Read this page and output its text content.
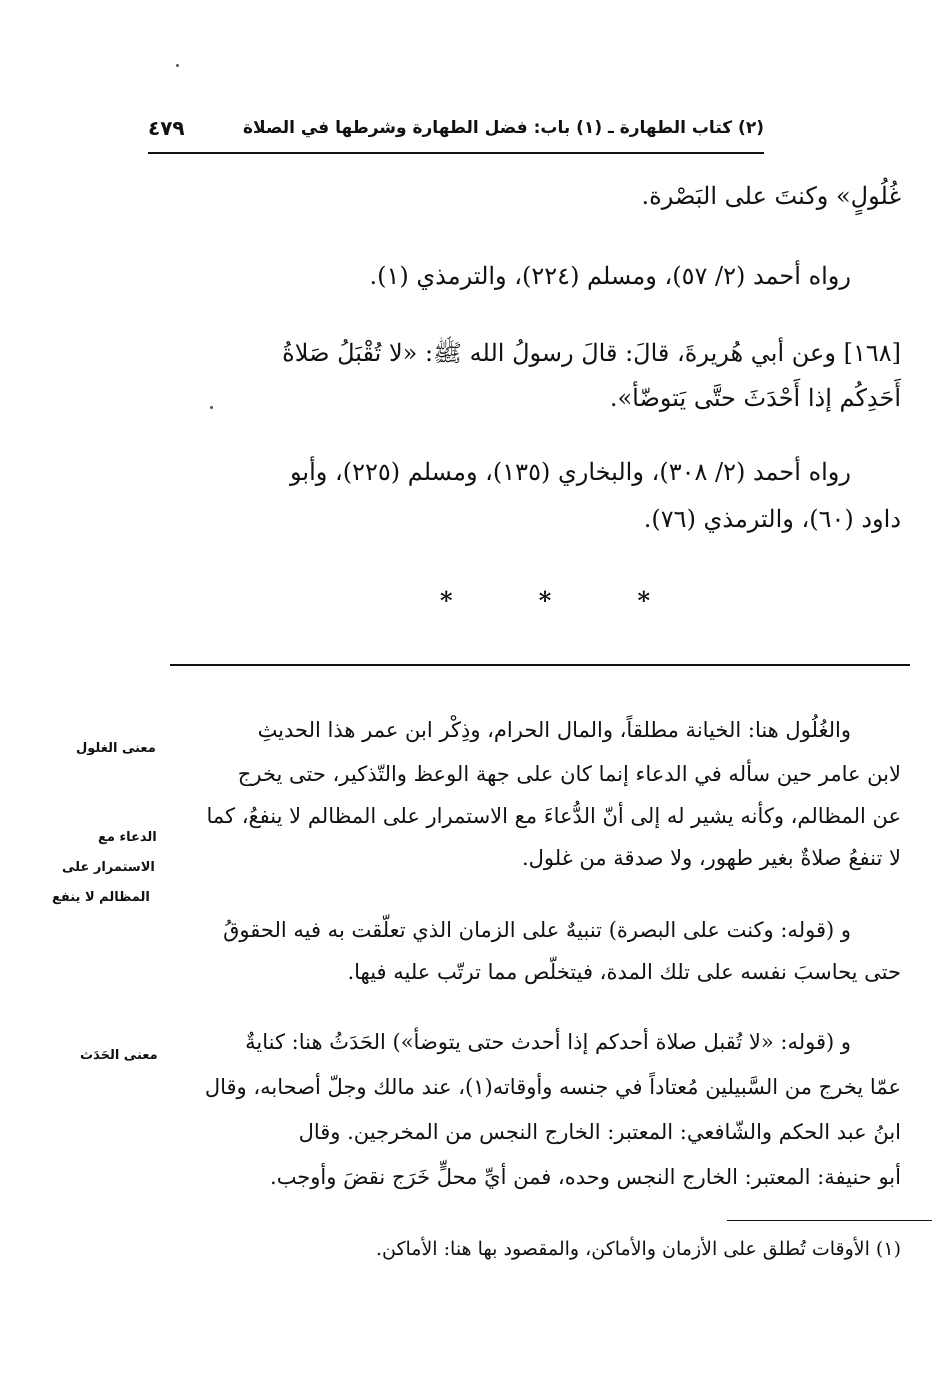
(٢) كتاب الطهارة ـ (١) باب: فضل الطهارة وشرطها في الصلاة
٤٧٩
غُلُولٍ» وكنتَ على البَصْرة.
رواه أحمد (٢/ ٥٧)، ومسلم (٢٢٤)، والترمذي (١).
[١٦٨] وعن أبي هُريرةَ، قالَ: قالَ رسولُ الله ﷺ: «لا تُقْبَلُ صَلاةُ
أَحَدِكُم إذا أَحْدَثَ حتَّى يَتوضّأ».
رواه أحمد (٢/ ٣٠٨)، والبخاري (١٣٥)، ومسلم (٢٢٥)، وأبو
داود (٦٠)، والترمذي (٧٦).
*	*	*
والغُلُول هنا: الخيانة مطلقاً، والمال الحرام، وذِكْر ابن عمر هذا الحديثِ
لابن عامر حين سأله في الدعاء إنما كان على جهة الوعظ والتّذكير، حتى يخرج
عن المظالم، وكأنه يشير له إلى أنّ الدُّعاءَ مع الاستمرار على المظالم لا ينفعُ، كما
لا تنفعُ صلاةٌ بغير طهور، ولا صدقة من غلول.
و (قوله: وكنت على البصرة) تنبيهٌ على الزمان الذي تعلّقت به فيه الحقوقُ
حتى يحاسبَ نفسه على تلك المدة، فيتخلّص مما ترتّب عليه فيها.
و (قوله: «لا تُقبل صلاة أحدكم إذا أحدث حتى يتوضأ») الحَدَثُ هنا: كنايةٌ
عمّا يخرج من السَّبيلين مُعتاداً في جنسه وأوقاته(١)، عند مالك وجلّ أصحابه، وقال
ابنُ عبد الحكم والشّافعي: المعتبر: الخارج النجس من المخرجين. وقال
أبو حنيفة: المعتبر: الخارج النجس وحده، فمن أيِّ محلٍّ خَرَج نقضَ وأوجب.
معنى الغلول
الدعاء مع
الاستمرار على
المظالم لا ينفع
معنى الحَدَث
(١) الأوقات تُطلق على الأزمان والأماكن، والمقصود بها هنا: الأماكن.
